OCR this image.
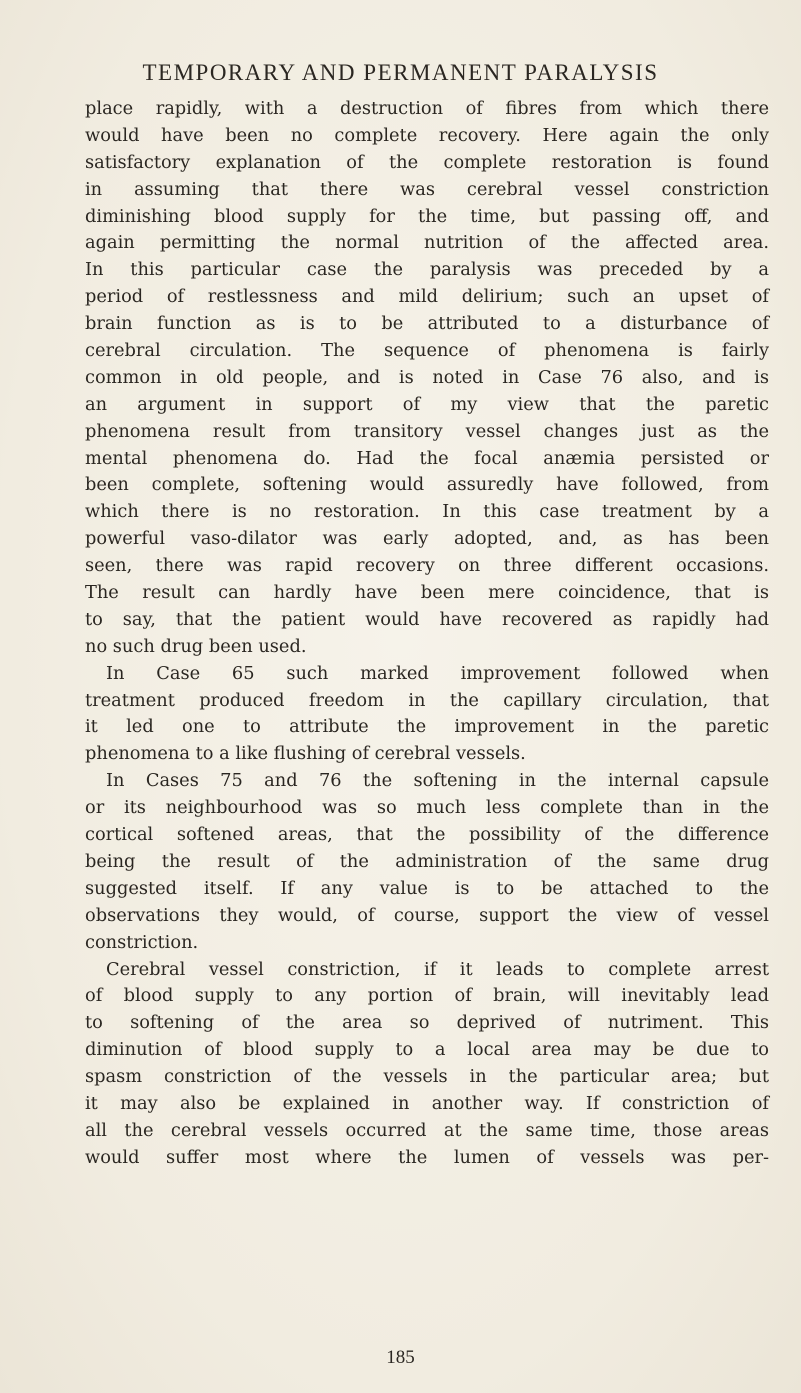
TEMPORARY AND PERMANENT PARALYSIS
place rapidly, with a destruction of fibres from which there
would have been no complete recovery. Here again the only
satisfactory explanation of the complete restoration is found
in assuming that there was cerebral vessel constriction
diminishing blood supply for the time, but passing off, and
again permitting the normal nutrition of the affected area.
In this particular case the paralysis was preceded by a
period of restlessness and mild delirium; such an upset of
brain function as is to be attributed to a disturbance of
cerebral circulation. The sequence of phenomena is fairly
common in old people, and is noted in Case 76 also, and is
an argument in support of my view that the paretic
phenomena result from transitory vessel changes just as the
mental phenomena do. Had the focal anæmia persisted or
been complete, softening would assuredly have followed, from
which there is no restoration. In this case treatment by a
powerful vaso-dilator was early adopted, and, as has been
seen, there was rapid recovery on three different occasions.
The result can hardly have been mere coincidence, that is
to say, that the patient would have recovered as rapidly had
no such drug been used.
In Case 65 such marked improvement followed when
treatment produced freedom in the capillary circulation, that
it led one to attribute the improvement in the paretic
phenomena to a like flushing of cerebral vessels.
In Cases 75 and 76 the softening in the internal capsule
or its neighbourhood was so much less complete than in the
cortical softened areas, that the possibility of the difference
being the result of the administration of the same drug
suggested itself. If any value is to be attached to the
observations they would, of course, support the view of vessel
constriction.
Cerebral vessel constriction, if it leads to complete arrest
of blood supply to any portion of brain, will inevitably lead
to softening of the area so deprived of nutriment. This
diminution of blood supply to a local area may be due to
spasm constriction of the vessels in the particular area; but
it may also be explained in another way. If constriction of
all the cerebral vessels occurred at the same time, those areas
would suffer most where the lumen of vessels was per-
185
